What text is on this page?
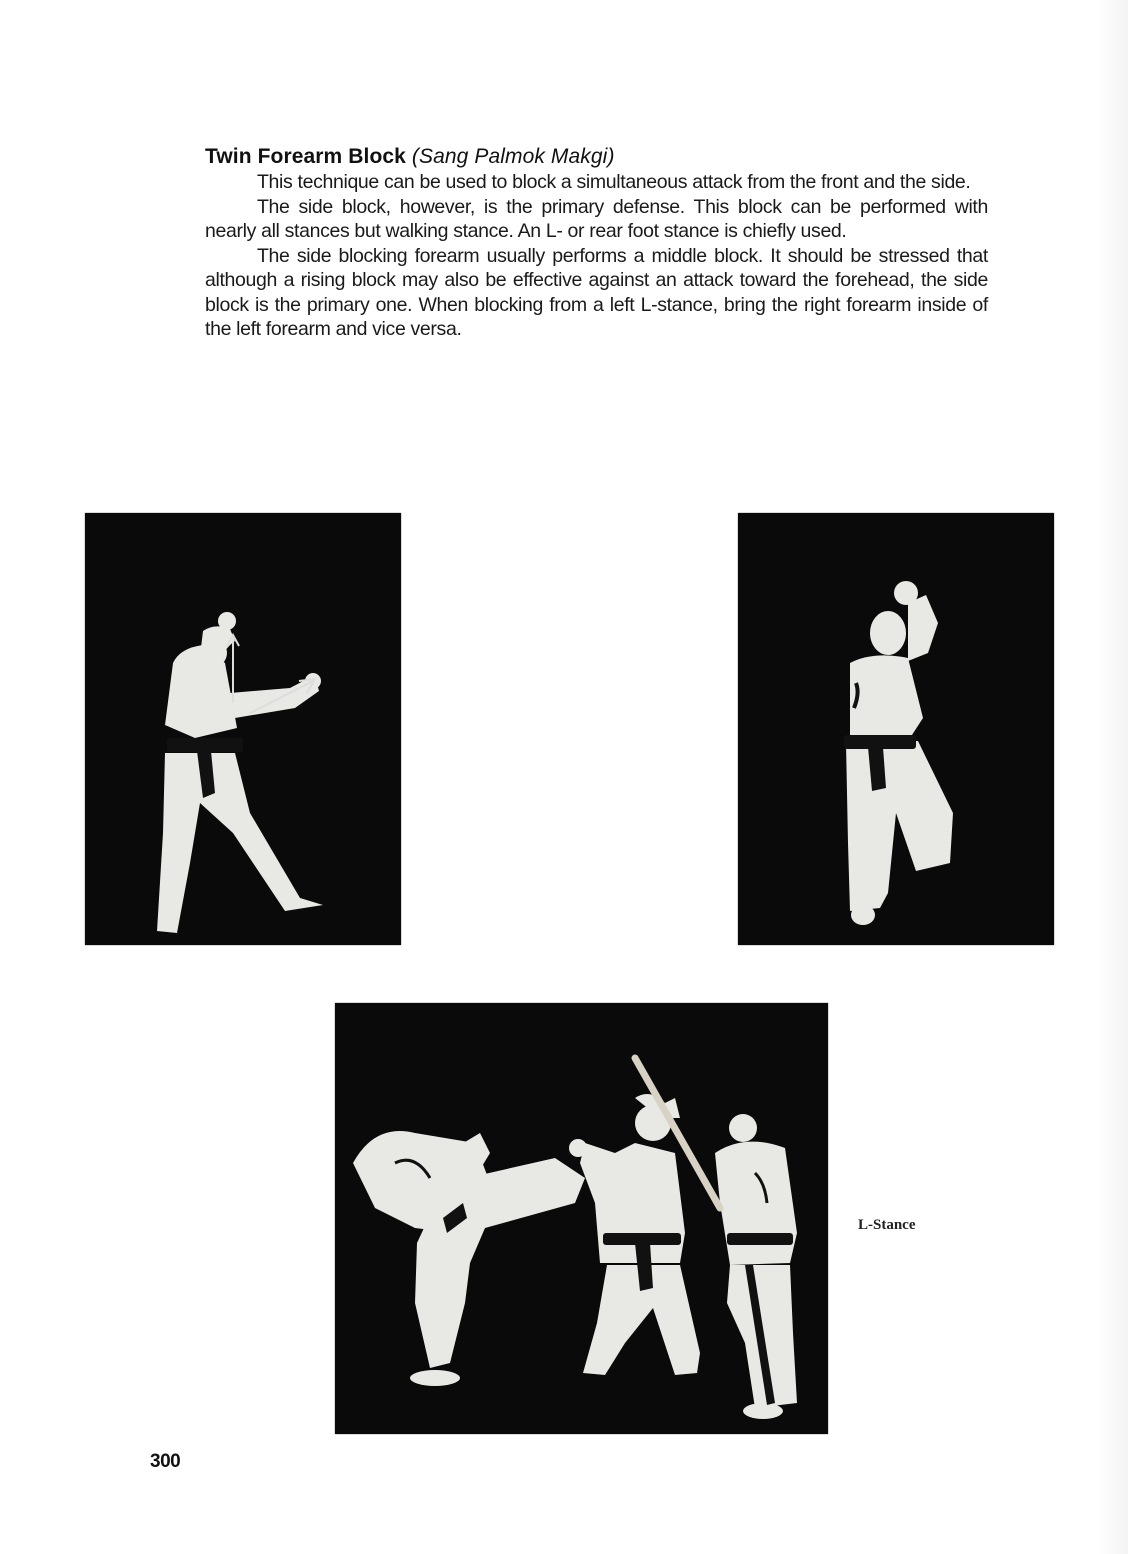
Twin Forearm Block (Sang Palmok Makgi)

This technique can be used to block a simultaneous attack from the front and the side.

The side block, however, is the primary defense. This block can be performed with nearly all stances but walking stance. An L- or rear foot stance is chiefly used.

The side blocking forearm usually performs a middle block. It should be stressed that although a rising block may also be effective against an attack toward the forehead, the side block is the primary one. When blocking from a left L-stance, bring the right forearm inside of the left forearm and vice versa.

L-Stance
300
